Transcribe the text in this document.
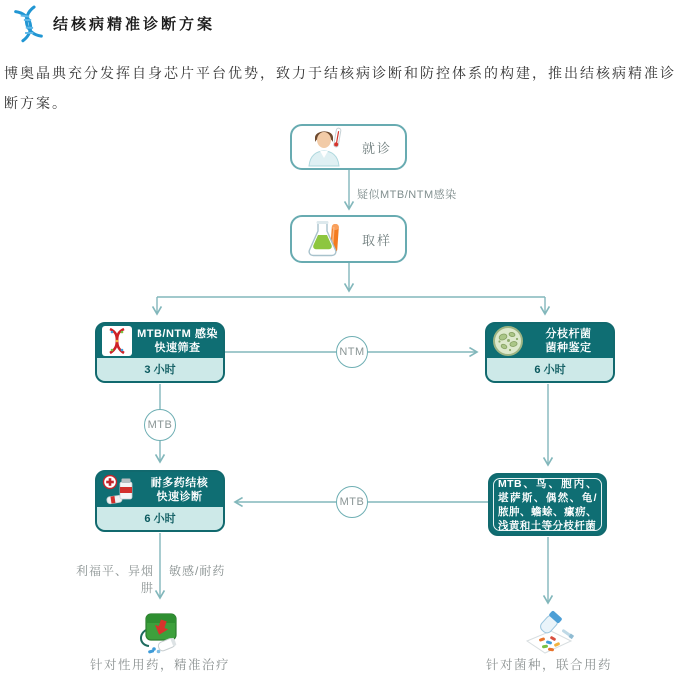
结核病精准诊断方案

博奥晶典充分发挥自身芯片平台优势，致力于结核病诊断和防控体系的构建，推出结核病精准诊断方案。

就诊
疑似MTB/NTM感染
取样
MTB/NTM 感染
快速筛查
3 小时
分枝杆菌
菌种鉴定
6 小时
NTM
MTB
MTB
耐多药结核
快速诊断
6 小时

MTB、鸟、胞内、堪萨斯、偶然、龟/脓肿、蟾蜍、瘰疬、浅黄和土等分枝杆菌

利福平、异烟肼
敏感/耐药
针对性用药，精准治疗	针对菌种，联合用药
